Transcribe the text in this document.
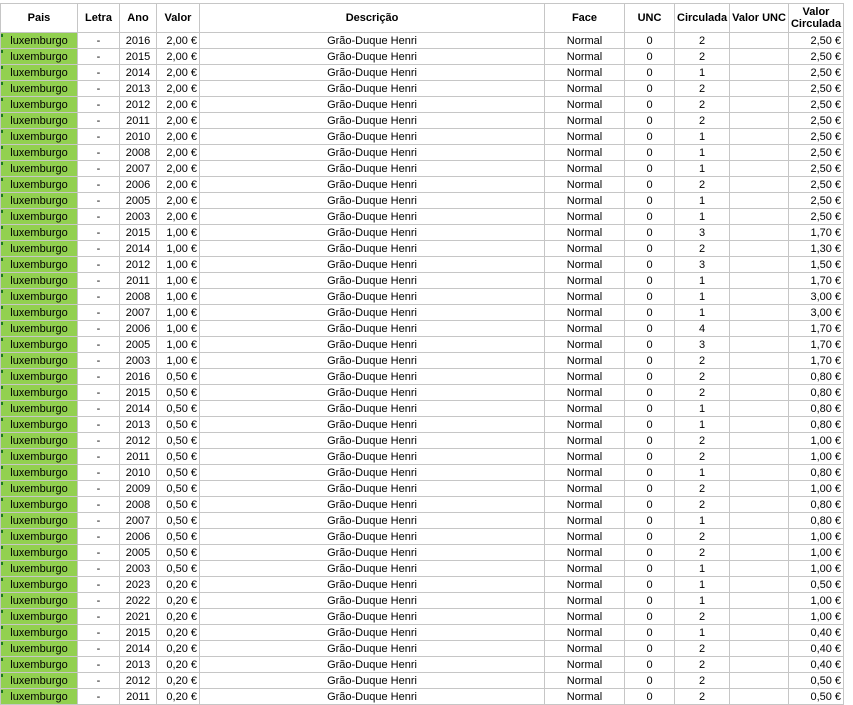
Pais	Letra	Ano	Valor	Descrição	Face	UNC	Circulada	Valor UNC	Valor Circulada
luxemburgo	-	2016	2,00 €	Grão-Duque Henri	Normal	0	2		2,50 €
luxemburgo	-	2015	2,00 €	Grão-Duque Henri	Normal	0	2		2,50 €
luxemburgo	-	2014	2,00 €	Grão-Duque Henri	Normal	0	1		2,50 €
luxemburgo	-	2013	2,00 €	Grão-Duque Henri	Normal	0	2		2,50 €
luxemburgo	-	2012	2,00 €	Grão-Duque Henri	Normal	0	2		2,50 €
luxemburgo	-	2011	2,00 €	Grão-Duque Henri	Normal	0	2		2,50 €
luxemburgo	-	2010	2,00 €	Grão-Duque Henri	Normal	0	1		2,50 €
luxemburgo	-	2008	2,00 €	Grão-Duque Henri	Normal	0	1		2,50 €
luxemburgo	-	2007	2,00 €	Grão-Duque Henri	Normal	0	1		2,50 €
luxemburgo	-	2006	2,00 €	Grão-Duque Henri	Normal	0	2		2,50 €
luxemburgo	-	2005	2,00 €	Grão-Duque Henri	Normal	0	1		2,50 €
luxemburgo	-	2003	2,00 €	Grão-Duque Henri	Normal	0	1		2,50 €
luxemburgo	-	2015	1,00 €	Grão-Duque Henri	Normal	0	3		1,70 €
luxemburgo	-	2014	1,00 €	Grão-Duque Henri	Normal	0	2		1,30 €
luxemburgo	-	2012	1,00 €	Grão-Duque Henri	Normal	0	3		1,50 €
luxemburgo	-	2011	1,00 €	Grão-Duque Henri	Normal	0	1		1,70 €
luxemburgo	-	2008	1,00 €	Grão-Duque Henri	Normal	0	1		3,00 €
luxemburgo	-	2007	1,00 €	Grão-Duque Henri	Normal	0	1		3,00 €
luxemburgo	-	2006	1,00 €	Grão-Duque Henri	Normal	0	4		1,70 €
luxemburgo	-	2005	1,00 €	Grão-Duque Henri	Normal	0	3		1,70 €
luxemburgo	-	2003	1,00 €	Grão-Duque Henri	Normal	0	2		1,70 €
luxemburgo	-	2016	0,50 €	Grão-Duque Henri	Normal	0	2		0,80 €
luxemburgo	-	2015	0,50 €	Grão-Duque Henri	Normal	0	2		0,80 €
luxemburgo	-	2014	0,50 €	Grão-Duque Henri	Normal	0	1		0,80 €
luxemburgo	-	2013	0,50 €	Grão-Duque Henri	Normal	0	1		0,80 €
luxemburgo	-	2012	0,50 €	Grão-Duque Henri	Normal	0	2		1,00 €
luxemburgo	-	2011	0,50 €	Grão-Duque Henri	Normal	0	2		1,00 €
luxemburgo	-	2010	0,50 €	Grão-Duque Henri	Normal	0	1		0,80 €
luxemburgo	-	2009	0,50 €	Grão-Duque Henri	Normal	0	2		1,00 €
luxemburgo	-	2008	0,50 €	Grão-Duque Henri	Normal	0	2		0,80 €
luxemburgo	-	2007	0,50 €	Grão-Duque Henri	Normal	0	1		0,80 €
luxemburgo	-	2006	0,50 €	Grão-Duque Henri	Normal	0	2		1,00 €
luxemburgo	-	2005	0,50 €	Grão-Duque Henri	Normal	0	2		1,00 €
luxemburgo	-	2003	0,50 €	Grão-Duque Henri	Normal	0	1		1,00 €
luxemburgo	-	2023	0,20 €	Grão-Duque Henri	Normal	0	1		0,50 €
luxemburgo	-	2022	0,20 €	Grão-Duque Henri	Normal	0	1		1,00 €
luxemburgo	-	2021	0,20 €	Grão-Duque Henri	Normal	0	2		1,00 €
luxemburgo	-	2015	0,20 €	Grão-Duque Henri	Normal	0	1		0,40 €
luxemburgo	-	2014	0,20 €	Grão-Duque Henri	Normal	0	2		0,40 €
luxemburgo	-	2013	0,20 €	Grão-Duque Henri	Normal	0	2		0,40 €
luxemburgo	-	2012	0,20 €	Grão-Duque Henri	Normal	0	2		0,50 €
luxemburgo	-	2011	0,20 €	Grão-Duque Henri	Normal	0	2		0,50 €
